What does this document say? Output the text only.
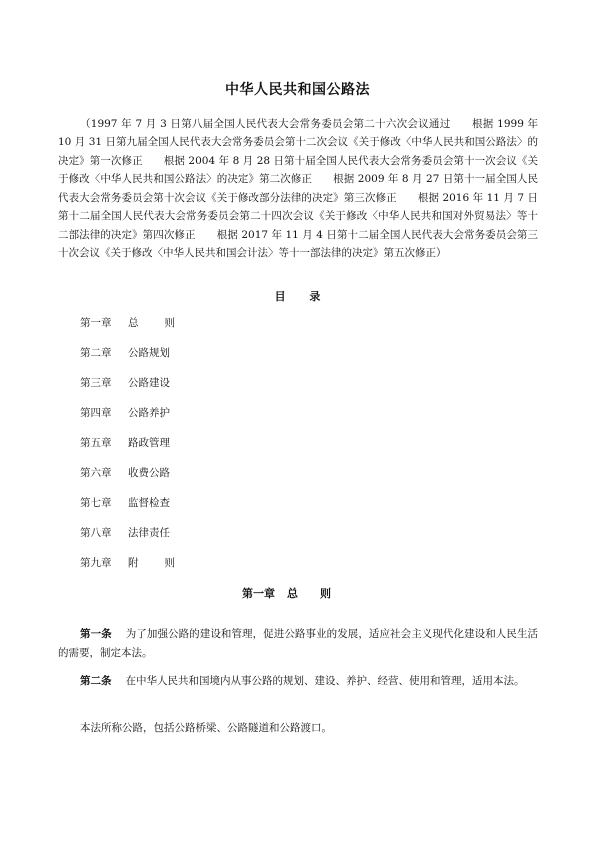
中华人民共和国公路法

（1997 年 7 月 3 日第八届全国人民代表大会常务委员会第二十六次会议通过　　根据 1999 年 10 月 31 日第九届全国人民代表大会常务委员会第十二次会议《关于修改〈中华人民共和国公路法〉的决定》第一次修正　　根据 2004 年 8 月 28 日第十届全国人民代表大会常务委员会第十一次会议《关于修改〈中华人民共和国公路法〉的决定》第二次修正　　根据 2009 年 8 月 27 日第十一届全国人民代表大会常务委员会第十次会议《关于修改部分法律的决定》第三次修正　　根据 2016 年 11 月 7 日第十二届全国人民代表大会常务委员会第二十四次会议《关于修改〈中华人民共和国对外贸易法〉等十二部法律的决定》第四次修正　　根据 2017 年 11 月 4 日第十二届全国人民代表大会常务委员会第三十次会议《关于修改〈中华人民共和国会计法〉等十一部法律的决定》第五次修正）

目 录
第一章 总则
第二章 公路规划
第三章 公路建设
第四章 公路养护
第五章 路政管理
第六章 收费公路
第七章 监督检查
第八章 法律责任
第九章 附则
第一章 总则

第一条 为了加强公路的建设和管理，促进公路事业的发展，适应社会主义现代化建设和人民生活的需要，制定本法。

第二条 在中华人民共和国境内从事公路的规划、建设、养护、经营、使用和管理，适用本法。

本法所称公路，包括公路桥梁、公路隧道和公路渡口。
